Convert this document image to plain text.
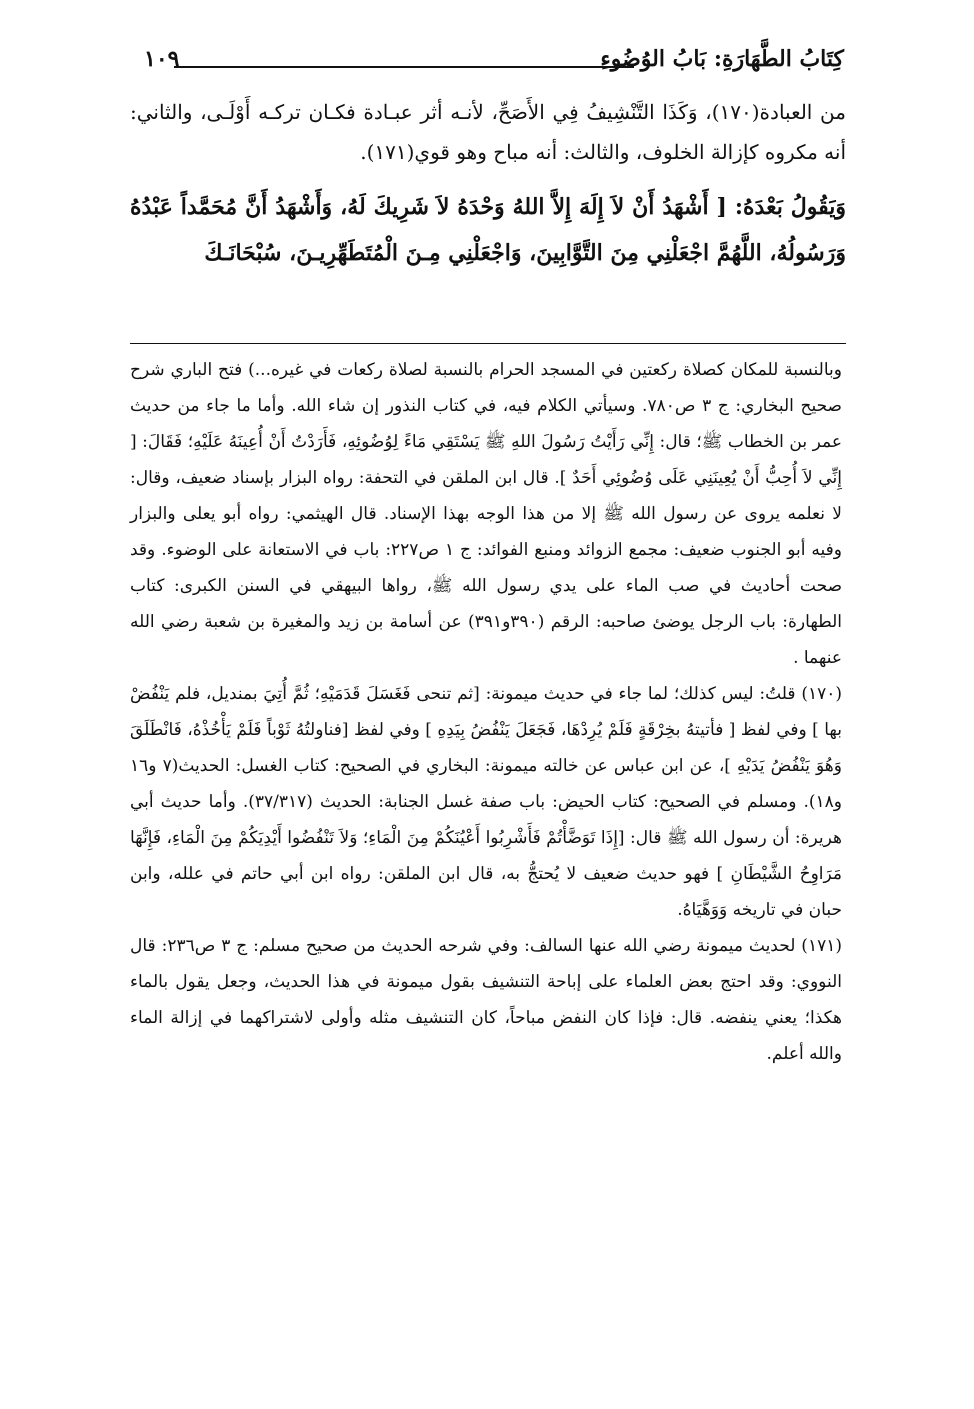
كِتَابُ الطَّهَارَةِ: بَابُ الوُضُوءِ
١٠٩

من العبادة(١٧٠)، وَكَذَا التَّنْشِيفُ فِي الأَصَحِّ، لأنـه أثر عبـادة فكـان تركـه أَوْلَـى، والثاني: أنه مكروه كإزالة الخلوف، والثالث: أنه مباح وهو قوي(١٧١).

وَيَقُولُ بَعْدَهُ: [ أَشْهَدُ أَنْ لاَ إِلَهَ إِلاَّ اللهُ وَحْدَهُ لاَ شَرِيكَ لَهُ، وَأَشْهَدُ أَنَّ مُحَمَّداً عَبْدُهُ وَرَسُولُهُ، اللَّهُمَّ اجْعَلْنِي مِنَ التَّوَّابِينَ، وَاجْعَلْنِي مِـنَ الْمُتَطَهِّرِيـنَ، سُبْحَانَـكَ

وبالنسبة للمكان كصلاة ركعتين في المسجد الحرام بالنسبة لصلاة ركعات في غيره...) فتح الباري شرح صحيح البخاري: ج ٣ ص٧٨٠. وسيأتي الكلام فيه، في كتاب النذور إن شاء الله. وأما ما جاء من حديث عمر بن الخطاب ﷺ؛ قال: إِنِّي رَأَيْتُ رَسُولَ اللهِ ﷺ يَسْتَقِي مَاءً لِوُضُوئِهِ، فَأَرَدْتُ أَنْ أُعِينَهُ عَلَيْهِ؛ فَقَالَ: [ إِنِّي لاَ أُحِبُّ أَنْ يُعِينَنِي عَلَى وُضُوئِي أَحَدٌ ]. قال ابن الملقن في التحفة: رواه البزار بإسناد ضعيف، وقال: لا نعلمه يروى عن رسول الله ﷺ إلا من هذا الوجه بهذا الإسناد. قال الهيثمي: رواه أبو يعلى والبزار وفيه أبو الجنوب ضعيف: مجمع الزوائد ومنبع الفوائد: ج ١ ص٢٢٧: باب في الاستعانة على الوضوء. وقد صحت أحاديث في صب الماء على يدي رسول الله ﷺ، رواها البيهقي في السنن الكبرى: كتاب الطهارة: باب الرجل يوضئ صاحبه: الرقم (٣٩٠و٣٩١) عن أسامة بن زيد والمغيرة بن شعبة رضي الله عنهما .

(١٧٠) قلتُ: ليس كذلك؛ لما جاء في حديث ميمونة: [ثم تنحى فَغَسَلَ قَدَمَيْهِ؛ ثُمَّ أُتِيَ بمنديل، فلم يَنْفُضْ بها ] وفي لفظ [ فأتيتهُ بخِرْقَةٍ فَلَمْ يُرِدْهَا، فَجَعَلَ يَنْفُضُ بِيَدِهِ ] وفي لفظ [فناولتُهُ ثَوْباً فَلَمْ يَأْخُذْهُ، فَانْطَلَقَ وَهُوَ يَنْفُضُ يَدَيْهِ ]، عن ابن عباس عن خالته ميمونة: البخاري في الصحيح: كتاب الغسل: الحديث(٧ و١٦ و١٨). ومسلم في الصحيح: كتاب الحيض: باب صفة غسل الجنابة: الحديث (٣٧/٣١٧). وأما حديث أبي هريرة: أن رسول الله ﷺ قال: [إِذَا تَوَضَّأْتُمْ فَأَشْرِبُوا أَعْيُنَكُمْ مِنَ الْمَاءِ؛ وَلاَ تَنْفُضُوا أَيْدِيَكُمْ مِنَ الْمَاءِ، فَإِنَّهَا مَرَاوِحُ الشَّيْطَانِ ] فهو حديث ضعيف لا يُحتجُّ به، قال ابن الملقن: رواه ابن أبي حاتم في علله، وابن حبان في تاريخه وَوَهَّيَاهُ.

(١٧١) لحديث ميمونة رضي الله عنها السالف: وفي شرحه الحديث من صحيح مسلم: ج ٣ ص٢٣٦: قال النووي: وقد احتج بعض العلماء على إباحة التنشيف بقول ميمونة في هذا الحديث، وجعل يقول بالماء هكذا؛ يعني ينفضه. قال: فإذا كان النفض مباحاً، كان التنشيف مثله وأولى لاشتراكهما في إزالة الماء والله أعلم.
